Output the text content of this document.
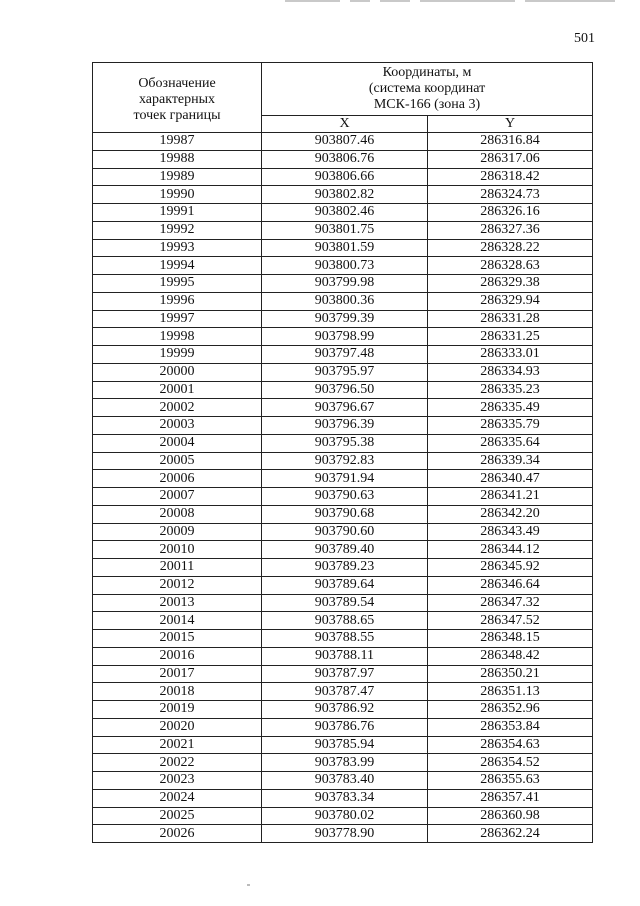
501
Обозначение
характерных
точек границы	Координаты, м
(система координат
МСК-166 (зона 3)	

	X	Y
19987	903807.46	286316.84
19988	903806.76	286317.06
19989	903806.66	286318.42
19990	903802.82	286324.73
19991	903802.46	286326.16
19992	903801.75	286327.36
19993	903801.59	286328.22
19994	903800.73	286328.63
19995	903799.98	286329.38
19996	903800.36	286329.94
19997	903799.39	286331.28
19998	903798.99	286331.25
19999	903797.48	286333.01
20000	903795.97	286334.93
20001	903796.50	286335.23
20002	903796.67	286335.49
20003	903796.39	286335.79
20004	903795.38	286335.64
20005	903792.83	286339.34
20006	903791.94	286340.47
20007	903790.63	286341.21
20008	903790.68	286342.20
20009	903790.60	286343.49
20010	903789.40	286344.12
20011	903789.23	286345.92
20012	903789.64	286346.64
20013	903789.54	286347.32
20014	903788.65	286347.52
20015	903788.55	286348.15
20016	903788.11	286348.42
20017	903787.97	286350.21
20018	903787.47	286351.13
20019	903786.92	286352.96
20020	903786.76	286353.84
20021	903785.94	286354.63
20022	903783.99	286354.52
20023	903783.40	286355.63
20024	903783.34	286357.41
20025	903780.02	286360.98
20026	903778.90	286362.24
